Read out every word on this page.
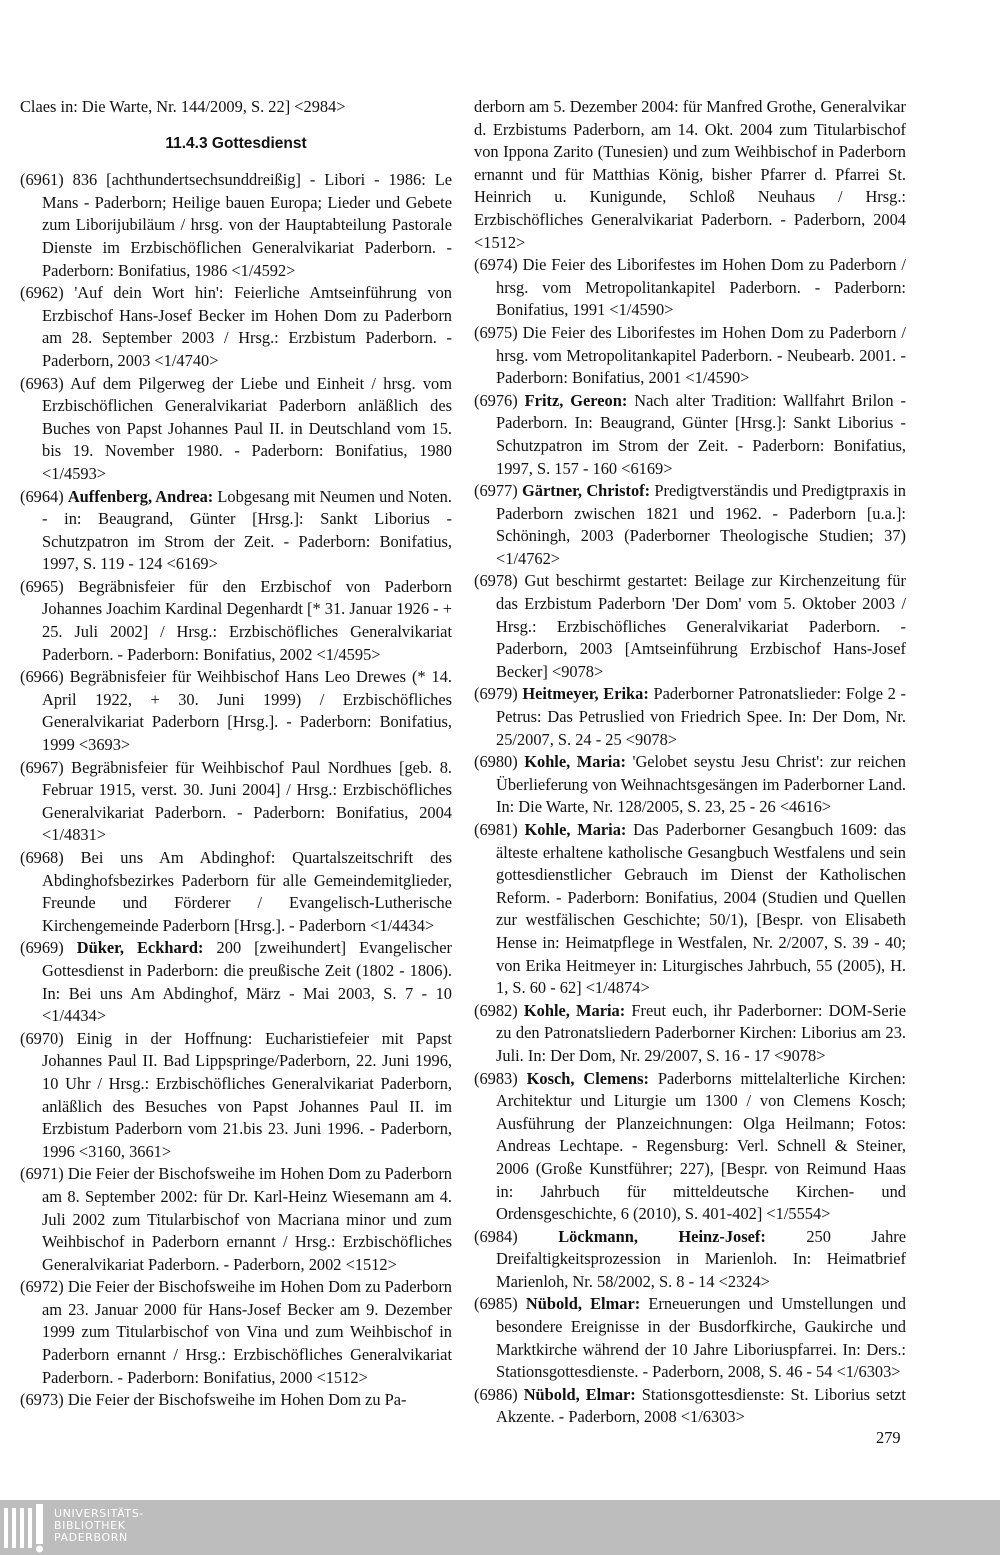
Claes in: Die Warte, Nr. 144/2009, S. 22] <2984>

11.4.3 Gottesdienst

(6961) 836 [achthundertsechsunddreißig] - Libori - 1986: Le Mans - Paderborn; Heilige bauen Europa; Lieder und Gebete zum Liborijubiläum / hrsg. von der Hauptabteilung Pastorale Dienste im Erzbischöflichen Generalvikariat Paderborn. - Paderborn: Bonifatius, 1986 <1/4592>

(6962) 'Auf dein Wort hin': Feierliche Amtseinführung von Erzbischof Hans-Josef Becker im Hohen Dom zu Paderborn am 28. September 2003 / Hrsg.: Erzbistum Paderborn. - Paderborn, 2003 <1/4740>

(6963) Auf dem Pilgerweg der Liebe und Einheit / hrsg. vom Erzbischöflichen Generalvikariat Paderborn anläßlich des Buches von Papst Johannes Paul II. in Deutschland vom 15. bis 19. November 1980. - Paderborn: Bonifatius, 1980 <1/4593>

(6964) Auffenberg, Andrea: Lobgesang mit Neumen und Noten. - in: Beaugrand, Günter [Hrsg.]: Sankt Liborius - Schutzpatron im Strom der Zeit. - Paderborn: Bonifatius, 1997, S. 119 - 124 <6169>

(6965) Begräbnisfeier für den Erzbischof von Paderborn Johannes Joachim Kardinal Degenhardt [* 31. Januar 1926 - + 25. Juli 2002] / Hrsg.: Erzbischöfliches Generalvikariat Paderborn. - Paderborn: Bonifatius, 2002 <1/4595>

(6966) Begräbnisfeier für Weihbischof Hans Leo Drewes (* 14. April 1922, + 30. Juni 1999) / Erzbischöfliches Generalvikariat Paderborn [Hrsg.]. - Paderborn: Bonifatius, 1999 <3693>

(6967) Begräbnisfeier für Weihbischof Paul Nordhues [geb. 8. Februar 1915, verst. 30. Juni 2004] / Hrsg.: Erzbischöfliches Generalvikariat Paderborn. - Paderborn: Bonifatius, 2004 <1/4831>

(6968) Bei uns Am Abdinghof: Quartalszeitschrift des Abdinghofsbezirkes Paderborn für alle Gemeindemitglieder, Freunde und Förderer / Evangelisch-Lutherische Kirchengemeinde Paderborn [Hrsg.]. - Paderborn <1/4434>

(6969) Düker, Eckhard: 200 [zweihundert] Evangelischer Gottesdienst in Paderborn: die preußische Zeit (1802 - 1806). In: Bei uns Am Abdinghof, März - Mai 2003, S. 7 - 10 <1/4434>

(6970) Einig in der Hoffnung: Eucharistiefeier mit Papst Johannes Paul II. Bad Lippspringe/Paderborn, 22. Juni 1996, 10 Uhr / Hrsg.: Erzbischöfliches Generalvikariat Paderborn, anläßlich des Besuches von Papst Johannes Paul II. im Erzbistum Paderborn vom 21.bis 23. Juni 1996. - Paderborn, 1996 <3160, 3661>

(6971) Die Feier der Bischofsweihe im Hohen Dom zu Paderborn am 8. September 2002: für Dr. Karl-Heinz Wiesemann am 4. Juli 2002 zum Titularbischof von Macriana minor und zum Weihbischof in Paderborn ernannt / Hrsg.: Erzbischöfliches Generalvikariat Paderborn. - Paderborn, 2002 <1512>

(6972) Die Feier der Bischofsweihe im Hohen Dom zu Paderborn am 23. Januar 2000 für Hans-Josef Becker am 9. Dezember 1999 zum Titularbischof von Vina und zum Weihbischof in Paderborn ernannt / Hrsg.: Erzbischöfliches Generalvikariat Paderborn. - Paderborn: Bonifatius, 2000 <1512>

(6973) Die Feier der Bischofsweihe im Hohen Dom zu Pa-

derborn am 5. Dezember 2004: für Manfred Grothe, Generalvikar d. Erzbistums Paderborn, am 14. Okt. 2004 zum Titularbischof von Ippona Zarito (Tunesien) und zum Weihbischof in Paderborn ernannt und für Matthias König, bisher Pfarrer d. Pfarrei St. Heinrich u. Kunigunde, Schloß Neuhaus / Hrsg.: Erzbischöfliches Generalvikariat Paderborn. - Paderborn, 2004 <1512>

(6974) Die Feier des Liborifestes im Hohen Dom zu Paderborn / hrsg. vom Metropolitankapitel Paderborn. - Paderborn: Bonifatius, 1991 <1/4590>

(6975) Die Feier des Liborifestes im Hohen Dom zu Paderborn / hrsg. vom Metropolitankapitel Paderborn. - Neubearb. 2001. - Paderborn: Bonifatius, 2001 <1/4590>

(6976) Fritz, Gereon: Nach alter Tradition: Wallfahrt Brilon - Paderborn. In: Beaugrand, Günter [Hrsg.]: Sankt Liborius - Schutzpatron im Strom der Zeit. - Paderborn: Bonifatius, 1997, S. 157 - 160 <6169>

(6977) Gärtner, Christof: Predigtverständis und Predigtpraxis in Paderborn zwischen 1821 und 1962. - Paderborn [u.a.]: Schöningh, 2003 (Paderborner Theologische Studien; 37) <1/4762>

(6978) Gut beschirmt gestartet: Beilage zur Kirchenzeitung für das Erzbistum Paderborn 'Der Dom' vom 5. Oktober 2003 / Hrsg.: Erzbischöfliches Generalvikariat Paderborn. - Paderborn, 2003 [Amtseinführung Erzbischof Hans-Josef Becker] <9078>

(6979) Heitmeyer, Erika: Paderborner Patronatslieder: Folge 2 - Petrus: Das Petruslied von Friedrich Spee. In: Der Dom, Nr. 25/2007, S. 24 - 25 <9078>

(6980) Kohle, Maria: 'Gelobet seystu Jesu Christ': zur reichen Überlieferung von Weihnachtsgesängen im Paderborner Land. In: Die Warte, Nr. 128/2005, S. 23, 25 - 26 <4616>

(6981) Kohle, Maria: Das Paderborner Gesangbuch 1609: das älteste erhaltene katholische Gesangbuch Westfalens und sein gottesdienstlicher Gebrauch im Dienst der Katholischen Reform. - Paderborn: Bonifatius, 2004 (Studien und Quellen zur westfälischen Geschichte; 50/1), [Bespr. von Elisabeth Hense in: Heimatpflege in Westfalen, Nr. 2/2007, S. 39 - 40; von Erika Heitmeyer in: Liturgisches Jahrbuch, 55 (2005), H. 1, S. 60 - 62] <1/4874>

(6982) Kohle, Maria: Freut euch, ihr Paderborner: DOM-Serie zu den Patronatsliedern Paderborner Kirchen: Liborius am 23. Juli. In: Der Dom, Nr. 29/2007, S. 16 - 17 <9078>

(6983) Kosch, Clemens: Paderborns mittelalterliche Kirchen: Architektur und Liturgie um 1300 / von Clemens Kosch; Ausführung der Planzeichnungen: Olga Heilmann; Fotos: Andreas Lechtape. - Regensburg: Verl. Schnell & Steiner, 2006 (Große Kunstführer; 227), [Bespr. von Reimund Haas in: Jahrbuch für mitteldeutsche Kirchen- und Ordensgeschichte, 6 (2010), S. 401-402] <1/5554>

(6984) Löckmann, Heinz-Josef: 250 Jahre Dreifaltigkeitsprozession in Marienloh. In: Heimatbrief Marienloh, Nr. 58/2002, S. 8 - 14 <2324>

(6985) Nübold, Elmar: Erneuerungen und Umstellungen und besondere Ereignisse in der Busdorfkirche, Gaukirche und Marktkirche während der 10 Jahre Liboriuspfarrei. In: Ders.: Stationsgottesdienste. - Paderborn, 2008, S. 46 - 54 <1/6303>

(6986) Nübold, Elmar: Stationsgottesdienste: St. Liborius setzt Akzente. - Paderborn, 2008 <1/6303>

279
UNIVERSITÄTS-
BIBLIOTHEK
PADERBORN
